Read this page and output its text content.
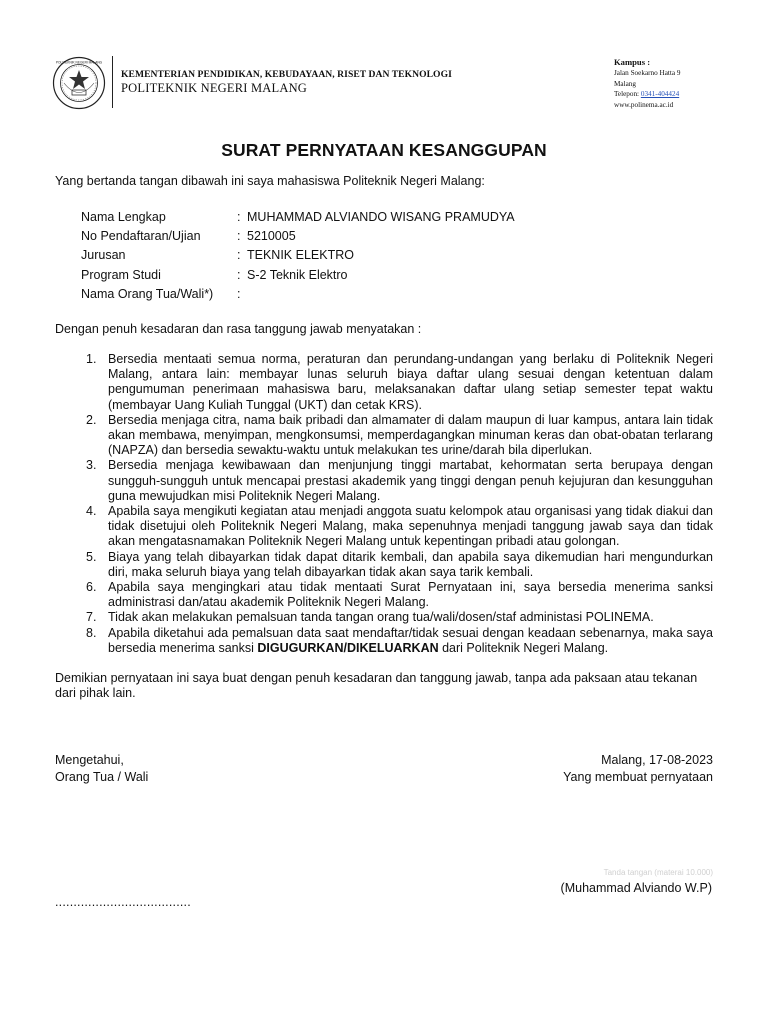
POLITEKNIK NEGERI MALANG
KEMENTERIAN PENDIDIKAN, KEBUDAYAAN, RISET DAN TEKNOLOGI
POLITEKNIK NEGERI MALANG
Kampus :
Jalan Soekarno Hatta 9
Malang
Telepon: 0341-404424
www.polinema.ac.id
SURAT PERNYATAAN KESANGGUPAN
Yang bertanda tangan dibawah ini saya mahasiswa Politeknik Negeri Malang:
Nama Lengkap	:	MUHAMMAD ALVIANDO WISANG PRAMUDYA
No Pendaftaran/Ujian	:	5210005
Jurusan	:	TEKNIK ELEKTRO
Program Studi	:	S-2 Teknik Elektro
Nama Orang Tua/Wali*)	:	
Dengan penuh kesadaran dan rasa tanggung jawab menyatakan :
1. Bersedia mentaati semua norma, peraturan dan perundang-undangan yang berlaku di Politeknik Negeri Malang, antara lain: membayar lunas seluruh biaya daftar ulang sesuai dengan ketentuan dalam pengumuman penerimaan mahasiswa baru, melaksanakan daftar ulang setiap semester tepat waktu (membayar Uang Kuliah Tunggal (UKT) dan cetak KRS).
2. Bersedia menjaga citra, nama baik pribadi dan almamater di dalam maupun di luar kampus, antara lain tidak akan membawa, menyimpan, mengkonsumsi, memperdagangkan minuman keras dan obat-obatan terlarang (NAPZA) dan bersedia sewaktu-waktu untuk melakukan tes urine/darah bila diperlukan.
3. Bersedia menjaga kewibawaan dan menjunjung tinggi martabat, kehormatan serta berupaya dengan sungguh-sungguh untuk mencapai prestasi akademik yang tinggi dengan penuh kejujuran dan kesungguhan guna mewujudkan misi Politeknik Negeri Malang.
4. Apabila saya mengikuti kegiatan atau menjadi anggota suatu kelompok atau organisasi yang tidak diakui dan tidak disetujui oleh Politeknik Negeri Malang, maka sepenuhnya menjadi tanggung jawab saya dan tidak akan mengatasnamakan Politeknik Negeri Malang untuk kepentingan pribadi atau golongan.
5. Biaya yang telah dibayarkan tidak dapat ditarik kembali, dan apabila saya dikemudian hari mengundurkan diri, maka seluruh biaya yang telah dibayarkan tidak akan saya tarik kembali.
6. Apabila saya mengingkari atau tidak mentaati Surat Pernyataan ini, saya bersedia menerima sanksi administrasi dan/atau akademik Politeknik Negeri Malang.
7. Tidak akan melakukan pemalsuan tanda tangan orang tua/wali/dosen/staf administasi POLINEMA.
8. Apabila diketahui ada pemalsuan data saat mendaftar/tidak sesuai dengan keadaan sebenarnya, maka saya bersedia menerima sanksi DIGUGURKAN/DIKELUARKAN dari Politeknik Negeri Malang.
Demikian pernyataan ini saya buat dengan penuh kesadaran dan tanggung jawab, tanpa ada paksaan atau tekanan dari pihak lain.
Mengetahui,
Orang Tua / Wali
Malang, 17-08-2023
Yang membuat pernyataan
Tanda tangan (materai 10.000)
(Muhammad Alviando W.P)
.....................................
